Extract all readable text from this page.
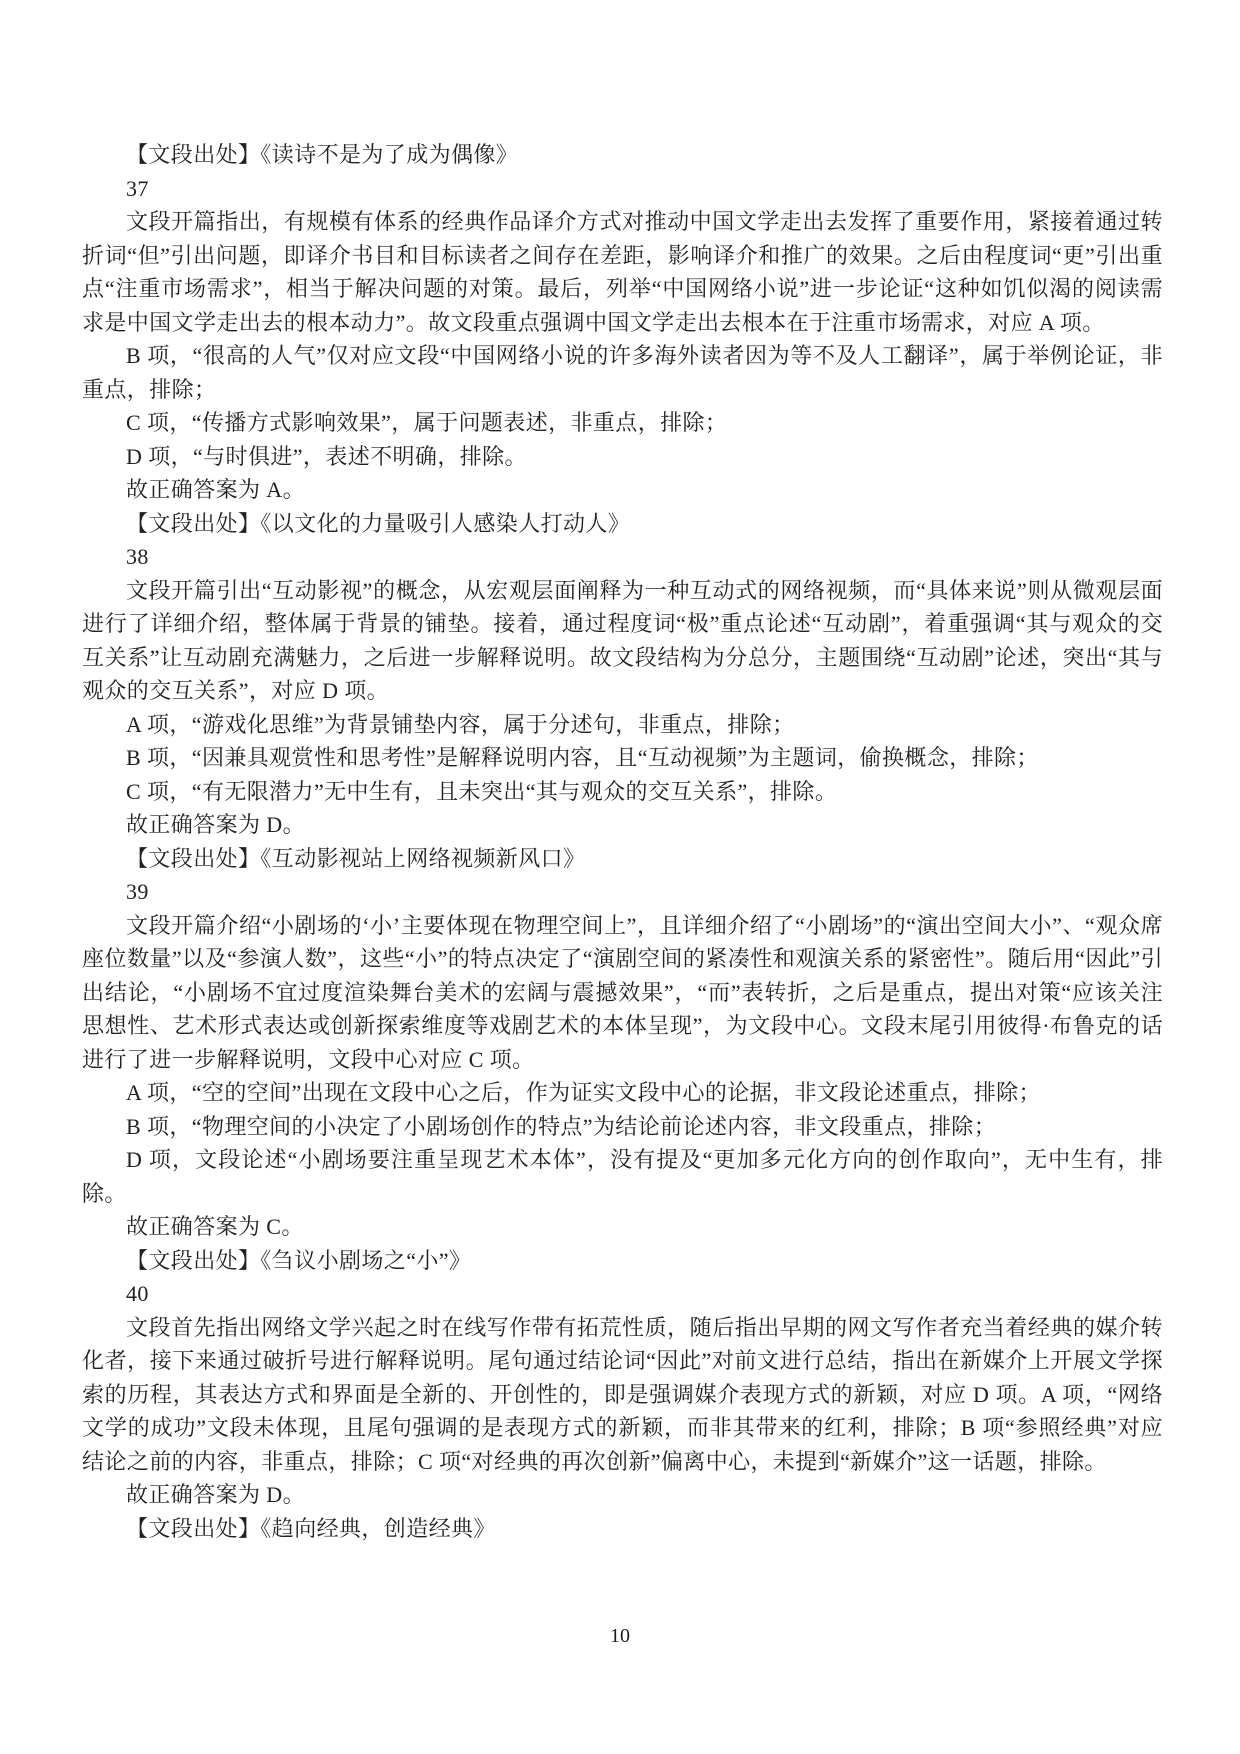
【文段出处】《读诗不是为了成为偶像》

37

文段开篇指出，有规模有体系的经典作品译介方式对推动中国文学走出去发挥了重要作用，紧接着通过转折词“但”引出问题，即译介书目和目标读者之间存在差距，影响译介和推广的效果。之后由程度词“更”引出重点“注重市场需求”，相当于解决问题的对策。最后，列举“中国网络小说”进一步论证“这种如饥似渴的阅读需求是中国文学走出去的根本动力”。故文段重点强调中国文学走出去根本在于注重市场需求，对应 A 项。

B 项，“很高的人气”仅对应文段“中国网络小说的许多海外读者因为等不及人工翻译”，属于举例论证，非重点，排除；

C 项，“传播方式影响效果”，属于问题表述，非重点，排除；

D 项，“与时俱进”，表述不明确，排除。

故正确答案为 A。

【文段出处】《以文化的力量吸引人感染人打动人》

38

文段开篇引出“互动影视”的概念，从宏观层面阐释为一种互动式的网络视频，而“具体来说”则从微观层面进行了详细介绍，整体属于背景的铺垫。接着，通过程度词“极”重点论述“互动剧”，着重强调“其与观众的交互关系”让互动剧充满魅力，之后进一步解释说明。故文段结构为分总分，主题围绕“互动剧”论述，突出“其与观众的交互关系”，对应 D 项。

A 项，“游戏化思维”为背景铺垫内容，属于分述句，非重点，排除；

B 项，“因兼具观赏性和思考性”是解释说明内容，且“互动视频”为主题词，偷换概念，排除；

C 项，“有无限潜力”无中生有，且未突出“其与观众的交互关系”，排除。

故正确答案为 D。

【文段出处】《互动影视站上网络视频新风口》

39

文段开篇介绍“小剧场的‘小’主要体现在物理空间上”，且详细介绍了“小剧场”的“演出空间大小”、“观众席座位数量”以及“参演人数”，这些“小”的特点决定了“演剧空间的紧凑性和观演关系的紧密性”。随后用“因此”引出结论，“小剧场不宜过度渲染舞台美术的宏阔与震撼效果”，“而”表转折，之后是重点，提出对策“应该关注思想性、艺术形式表达或创新探索维度等戏剧艺术的本体呈现”，为文段中心。文段末尾引用彼得·布鲁克的话进行了进一步解释说明，文段中心对应 C 项。

A 项，“空的空间”出现在文段中心之后，作为证实文段中心的论据，非文段论述重点，排除；

B 项，“物理空间的小决定了小剧场创作的特点”为结论前论述内容，非文段重点，排除；

D 项，文段论述“小剧场要注重呈现艺术本体”，没有提及“更加多元化方向的创作取向”，无中生有，排除。

故正确答案为 C。

【文段出处】《刍议小剧场之“小”》

40

文段首先指出网络文学兴起之时在线写作带有拓荒性质，随后指出早期的网文写作者充当着经典的媒介转化者，接下来通过破折号进行解释说明。尾句通过结论词“因此”对前文进行总结，指出在新媒介上开展文学探索的历程，其表达方式和界面是全新的、开创性的，即是强调媒介表现方式的新颖，对应 D 项。A 项，“网络文学的成功”文段未体现，且尾句强调的是表现方式的新颖，而非其带来的红利，排除；B 项“参照经典”对应结论之前的内容，非重点，排除；C 项“对经典的再次创新”偏离中心，未提到“新媒介”这一话题，排除。

故正确答案为 D。

【文段出处】《趋向经典，创造经典》

10
